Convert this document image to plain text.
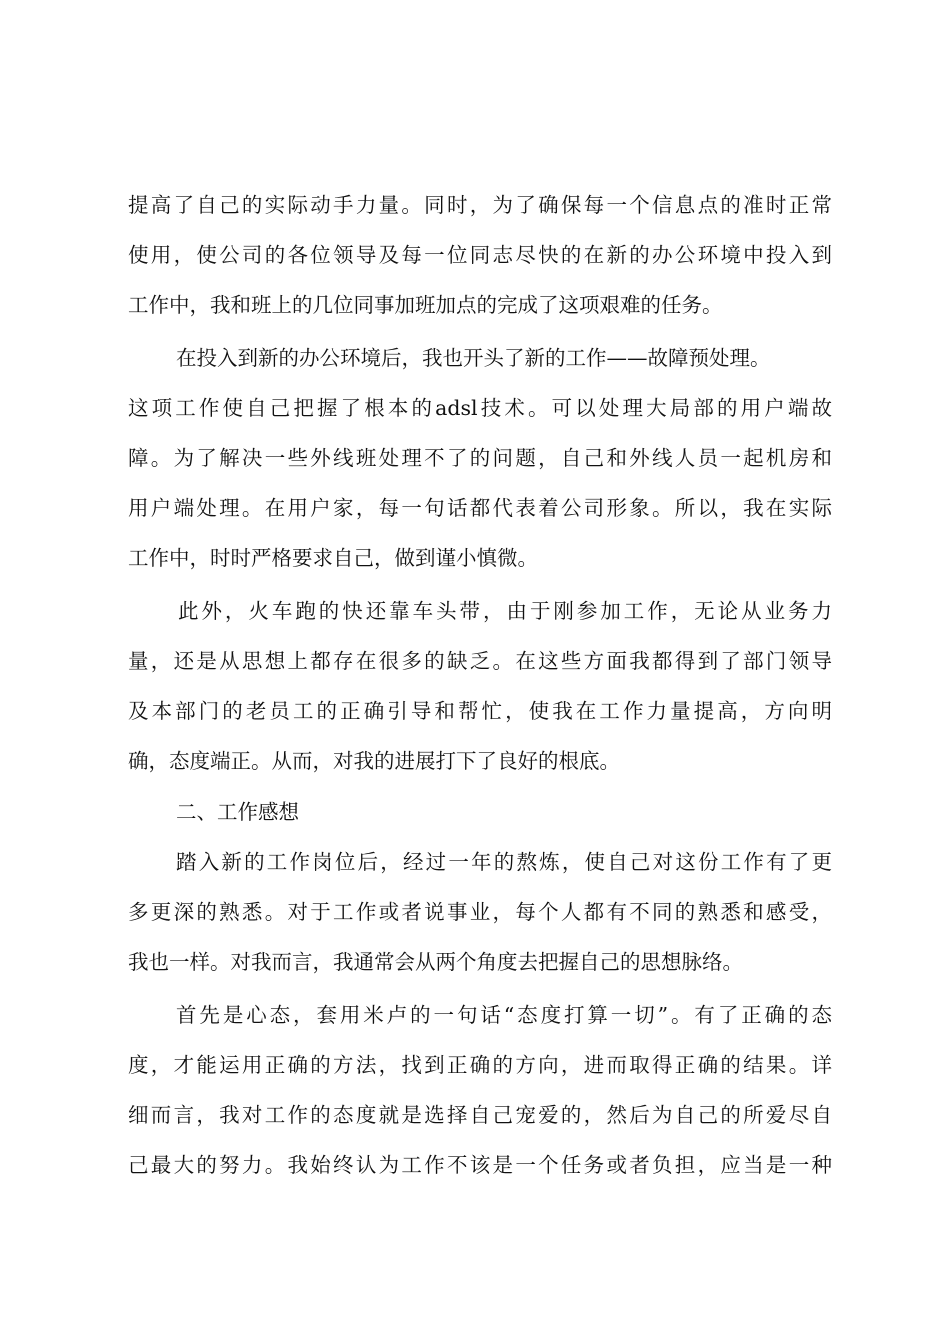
提高了自己的实际动手力量。同时，为了确保每一个信息点的准时正常
使用，使公司的各位领导及每一位同志尽快的在新的办公环境中投入到
工作中，我和班上的几位同事加班加点的完成了这项艰难的任务。
在投入到新的办公环境后，我也开头了新的工作——故障预处理。
这项工作使自己把握了根本的adsl技术。可以处理大局部的用户端故
障。为了解决一些外线班处理不了的问题，自己和外线人员一起机房和
用户端处理。在用户家，每一句话都代表着公司形象。所以，我在实际
工作中，时时严格要求自己，做到谨小慎微。
此外，火车跑的快还靠车头带，由于刚参加工作，无论从业务力
量，还是从思想上都存在很多的缺乏。在这些方面我都得到了部门领导
及本部门的老员工的正确引导和帮忙，使我在工作力量提高，方向明
确，态度端正。从而，对我的进展打下了良好的根底。
二、工作感想
踏入新的工作岗位后，经过一年的熬炼，使自己对这份工作有了更
多更深的熟悉。对于工作或者说事业，每个人都有不同的熟悉和感受，
我也一样。对我而言，我通常会从两个角度去把握自己的思想脉络。
首先是心态，套用米卢的一句话“态度打算一切”。有了正确的态
度，才能运用正确的方法，找到正确的方向，进而取得正确的结果。详
细而言，我对工作的态度就是选择自己宠爱的，然后为自己的所爱尽自
己最大的努力。我始终认为工作不该是一个任务或者负担，应当是一种
